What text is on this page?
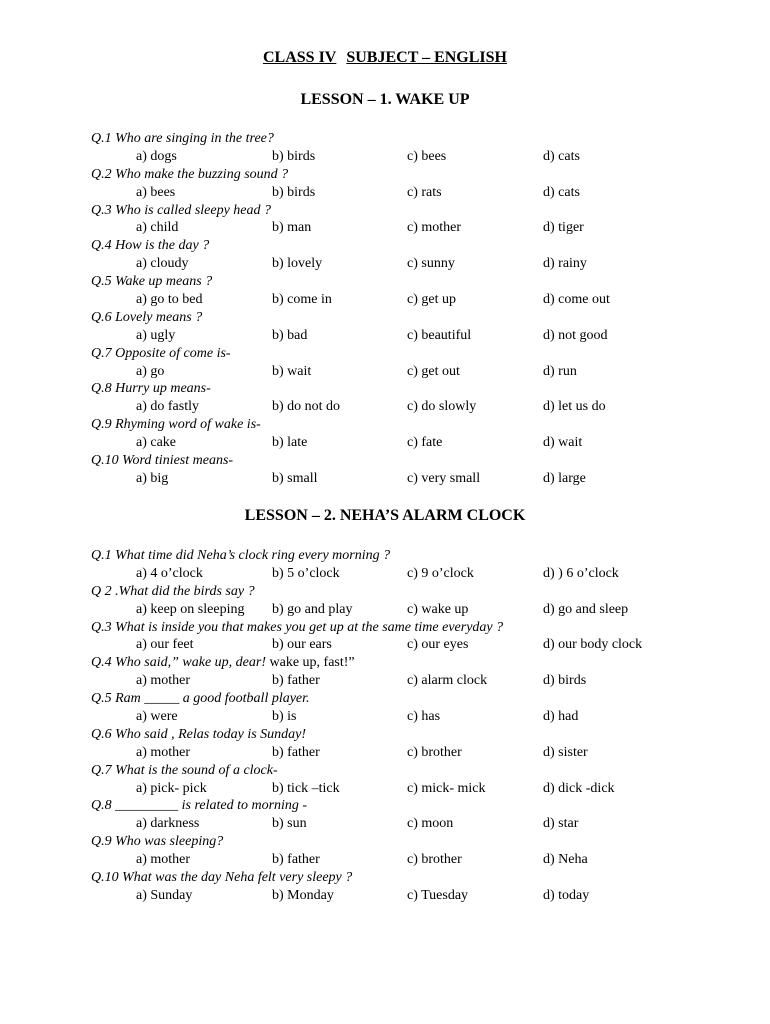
CLASS IV SUBJECT – ENGLISH
LESSON – 1. WAKE UP
Q.1 Who are singing in the tree?
a) dogs	b) birds	c) bees	d) cats
Q.2 Who make the buzzing sound ?
a) bees	b) birds	c) rats	d) cats
Q.3 Who is called sleepy head ?
a) child	b) man	c) mother	d) tiger
Q.4 How is the day ?
a) cloudy	b) lovely	c) sunny	d) rainy
Q.5 Wake up means ?
a) go to bed	b) come in	c) get up	d) come out
Q.6 Lovely means ?
a) ugly	b) bad	c) beautiful	d) not good
Q.7 Opposite of come is-
a) go	b) wait	c) get out	d) run
Q.8 Hurry up means-
a) do fastly	b) do not do	c) do slowly	d) let us do
Q.9 Rhyming word of wake is-
a) cake	b) late	c) fate	d) wait
Q.10 Word tiniest means-
a) big	b) small	c) very small	d) large
LESSON – 2. NEHA’S ALARM CLOCK
Q.1 What time did Neha’s clock ring every morning ?
a) 4 o’clock	b) 5 o’clock	c) 9 o’clock	d) ) 6 o’clock
Q 2 .What did the birds say ?
a) keep on sleeping b) go and play	c) wake up	d) go and sleep
Q.3 What is inside you that makes you get up at the same time everyday ?
a) our feet	b) our ears	c) our eyes	d) our body clock
Q.4 Who said,” wake up, dear! wake up, fast!”
a) mother	b) father	c) alarm clock	d) birds
Q.5 Ram _____ a good football player.
a) were	b) is	c) has	d) had
Q.6 Who said , Relas today is Sunday!
a) mother	b) father	c) brother	d) sister
Q.7 What is the sound of a clock-
a) pick- pick	b) tick –tick	c) mick- mick	d) dick -dick
Q.8 _________ is related to morning -
a) darkness	b) sun	c) moon	d) star
Q.9 Who was sleeping?
a) mother	b) father	c) brother	d) Neha
Q.10 What was the day Neha felt very sleepy ?
a) Sunday	b) Monday	c) Tuesday	d) today
